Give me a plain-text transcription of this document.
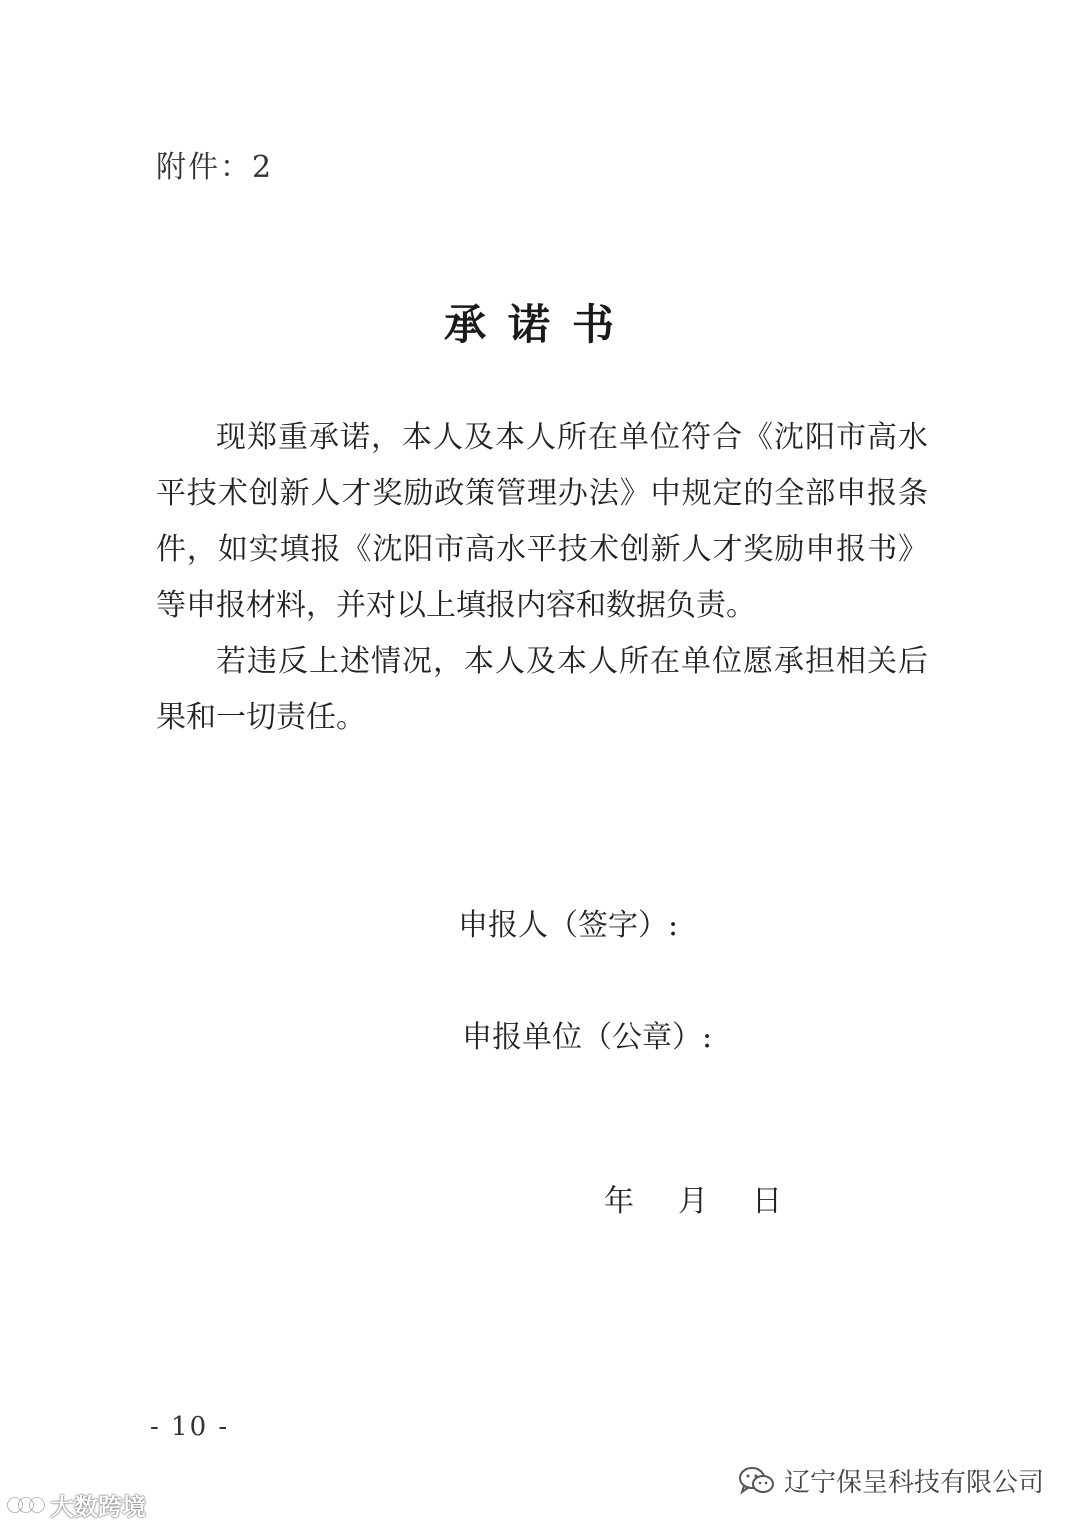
附件：2
承诺书

现郑重承诺，本人及本人所在单位符合《沈阳市高水平技术创新人才奖励政策管理办法》中规定的全部申报条件，如实填报《沈阳市高水平技术创新人才奖励申报书》等申报材料，并对以上填报内容和数据负责。

若违反上述情况，本人及本人所在单位愿承担相关后果和一切责任。

申报人（签字）:
申报单位（公章）:
年	月	日
- 10 -
大数跨境
辽宁保呈科技有限公司
